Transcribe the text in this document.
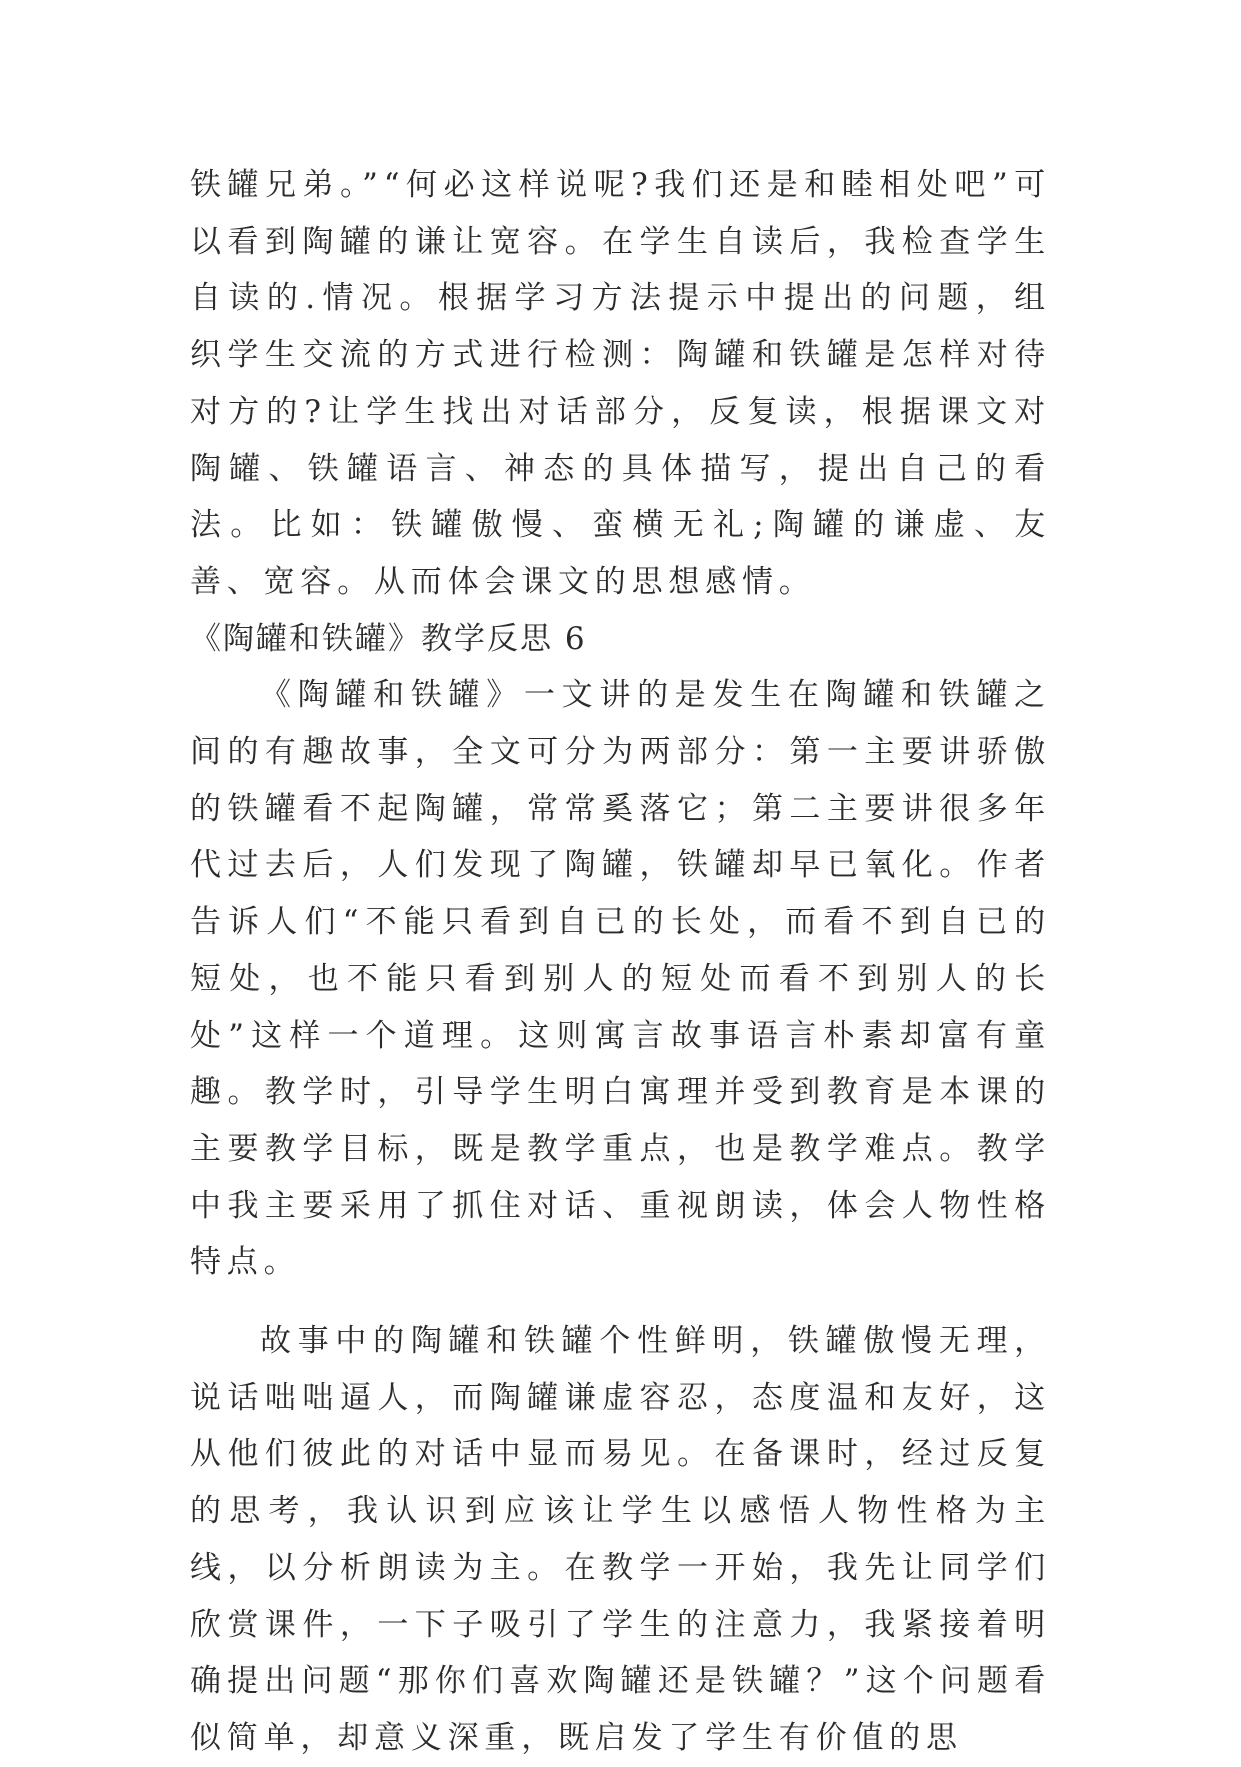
铁罐兄弟。”“何必这样说呢?我们还是和睦相处吧”可以看到陶罐的谦让宽容。在学生自读后，我检查学生自读的.情况。根据学习方法提示中提出的问题，组织学生交流的方式进行检测：陶罐和铁罐是怎样对待对方的?让学生找出对话部分，反复读，根据课文对陶罐、铁罐语言、神态的具体描写，提出自己的看法。比如：铁罐傲慢、蛮横无礼;陶罐的谦虚、友善、宽容。从而体会课文的思想感情。

《陶罐和铁罐》教学反思 6

《陶罐和铁罐》一文讲的是发生在陶罐和铁罐之间的有趣故事，全文可分为两部分：第一主要讲骄傲的铁罐看不起陶罐，常常奚落它；第二主要讲很多年代过去后，人们发现了陶罐，铁罐却早已氧化。作者告诉人们“不能只看到自已的长处，而看不到自已的短处，也不能只看到别人的短处而看不到别人的长处”这样一个道理。这则寓言故事语言朴素却富有童趣。教学时，引导学生明白寓理并受到教育是本课的主要教学目标，既是教学重点，也是教学难点。教学中我主要采用了抓住对话、重视朗读，体会人物性格特点。

故事中的陶罐和铁罐个性鲜明，铁罐傲慢无理，说话咄咄逼人，而陶罐谦虚容忍，态度温和友好，这从他们彼此的对话中显而易见。在备课时，经过反复的思考，我认识到应该让学生以感悟人物性格为主线，以分析朗读为主。在教学一开始，我先让同学们欣赏课件，一下子吸引了学生的注意力，我紧接着明确提出问题“那你们喜欢陶罐还是铁罐？”这个问题看似简单，却意义深重，既启发了学生有价值的思
